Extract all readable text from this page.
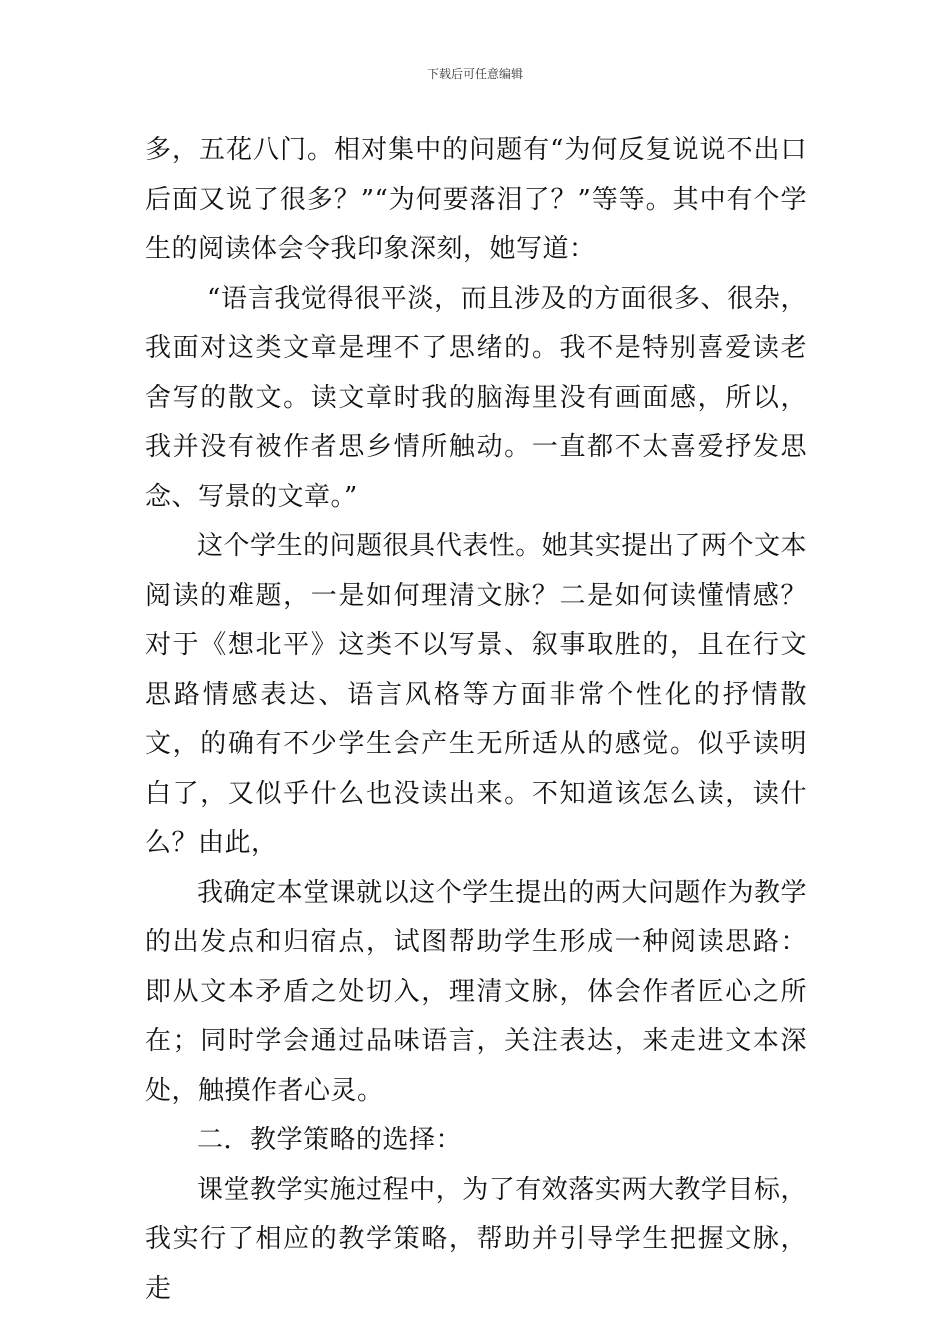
下载后可任意编辑

多，五花八门。相对集中的问题有“为何反复说说不出口后面又说了很多？”“为何要落泪了？”等等。其中有个学生的阅读体会令我印象深刻，她写道：

“语言我觉得很平淡，而且涉及的方面很多、很杂，我面对这类文章是理不了思绪的。我不是特别喜爱读老舍写的散文。读文章时我的脑海里没有画面感，所以，我并没有被作者思乡情所触动。一直都不太喜爱抒发思念、写景的文章。”

这个学生的问题很具代表性。她其实提出了两个文本阅读的难题，一是如何理清文脉？二是如何读懂情感？对于《想北平》这类不以写景、叙事取胜的，且在行文思路情感表达、语言风格等方面非常个性化的抒情散文，的确有不少学生会产生无所适从的感觉。似乎读明白了，又似乎什么也没读出来。不知道该怎么读，读什么？由此，

我确定本堂课就以这个学生提出的两大问题作为教学的出发点和归宿点，试图帮助学生形成一种阅读思路：即从文本矛盾之处切入，理清文脉，体会作者匠心之所在；同时学会通过品味语言，关注表达，来走进文本深处，触摸作者心灵。

二．教学策略的选择：

课堂教学实施过程中，为了有效落实两大教学目标，我实行了相应的教学策略，帮助并引导学生把握文脉，走
